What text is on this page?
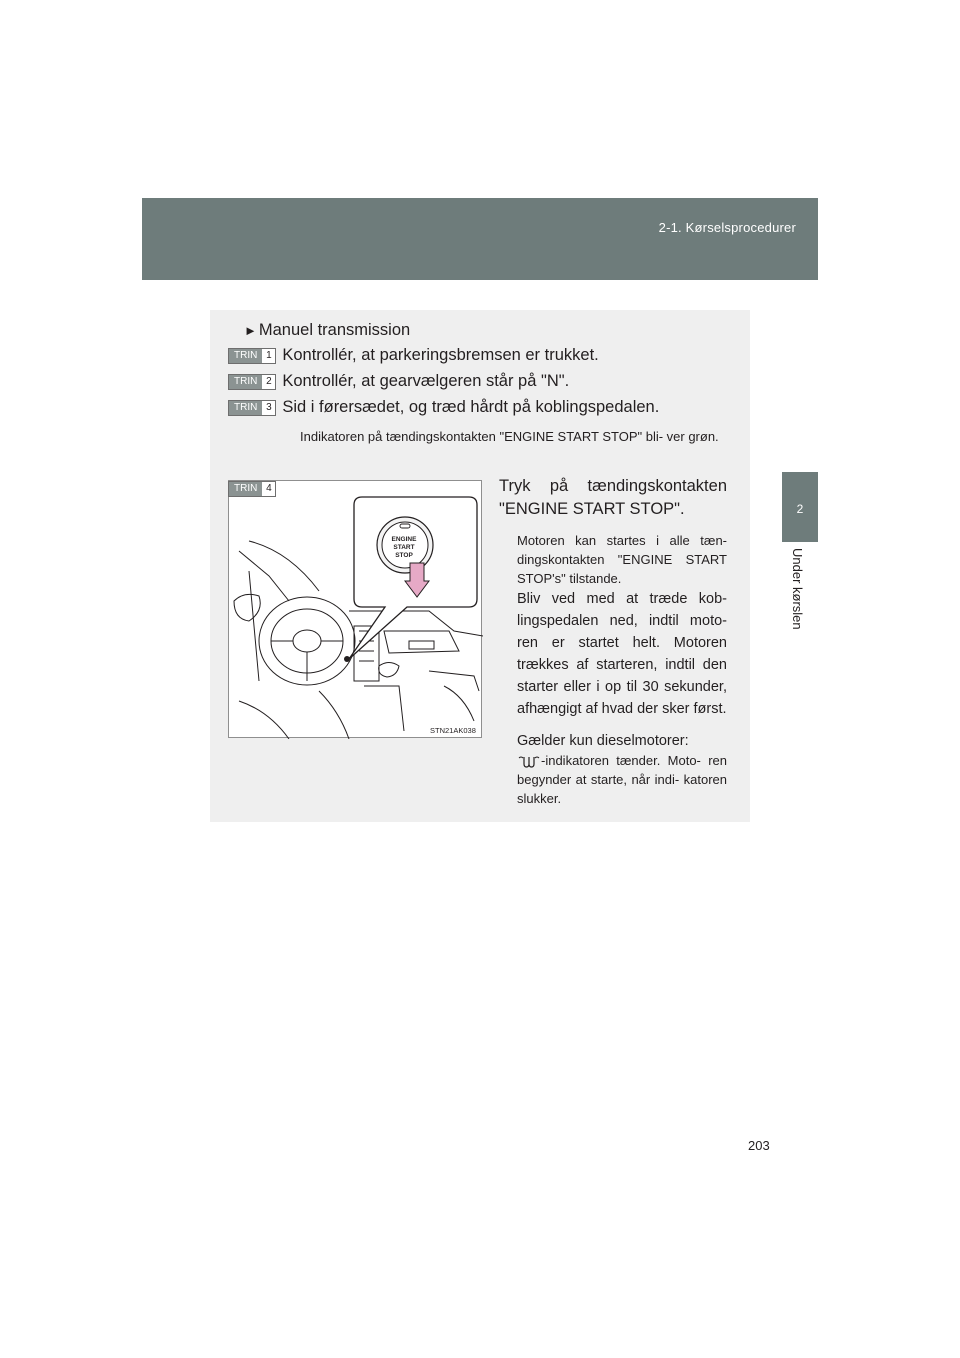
2-1. Kørselsprocedurer
2
Under kørslen
► Manuel transmission
TRIN 1 Kontrollér, at parkeringsbremsen er trukket.
TRIN 2 Kontrollér, at gearvælgeren står på "N".
TRIN 3 Sid i førersædet, og træd hårdt på koblingspedalen.
Indikatoren på tændingskontakten "ENGINE START STOP" bli- ver grøn.
ENGINE
START
STOP
TRIN 4
STN21AK038
Tryk på tændingskontakten "ENGINE START STOP".
Motoren kan startes i alle tæn- dingskontakten "ENGINE START STOP's" tilstande.
Bliv ved med at træde kob- lingspedalen ned, indtil moto- ren er startet helt. Motoren trækkes af starteren, indtil den starter eller i op til 30 sekunder, afhængigt af hvad der sker først.
Gælder kun dieselmotorer:
-indikatoren tænder. Moto- ren begynder at starte, når indi- katoren slukker.
203
